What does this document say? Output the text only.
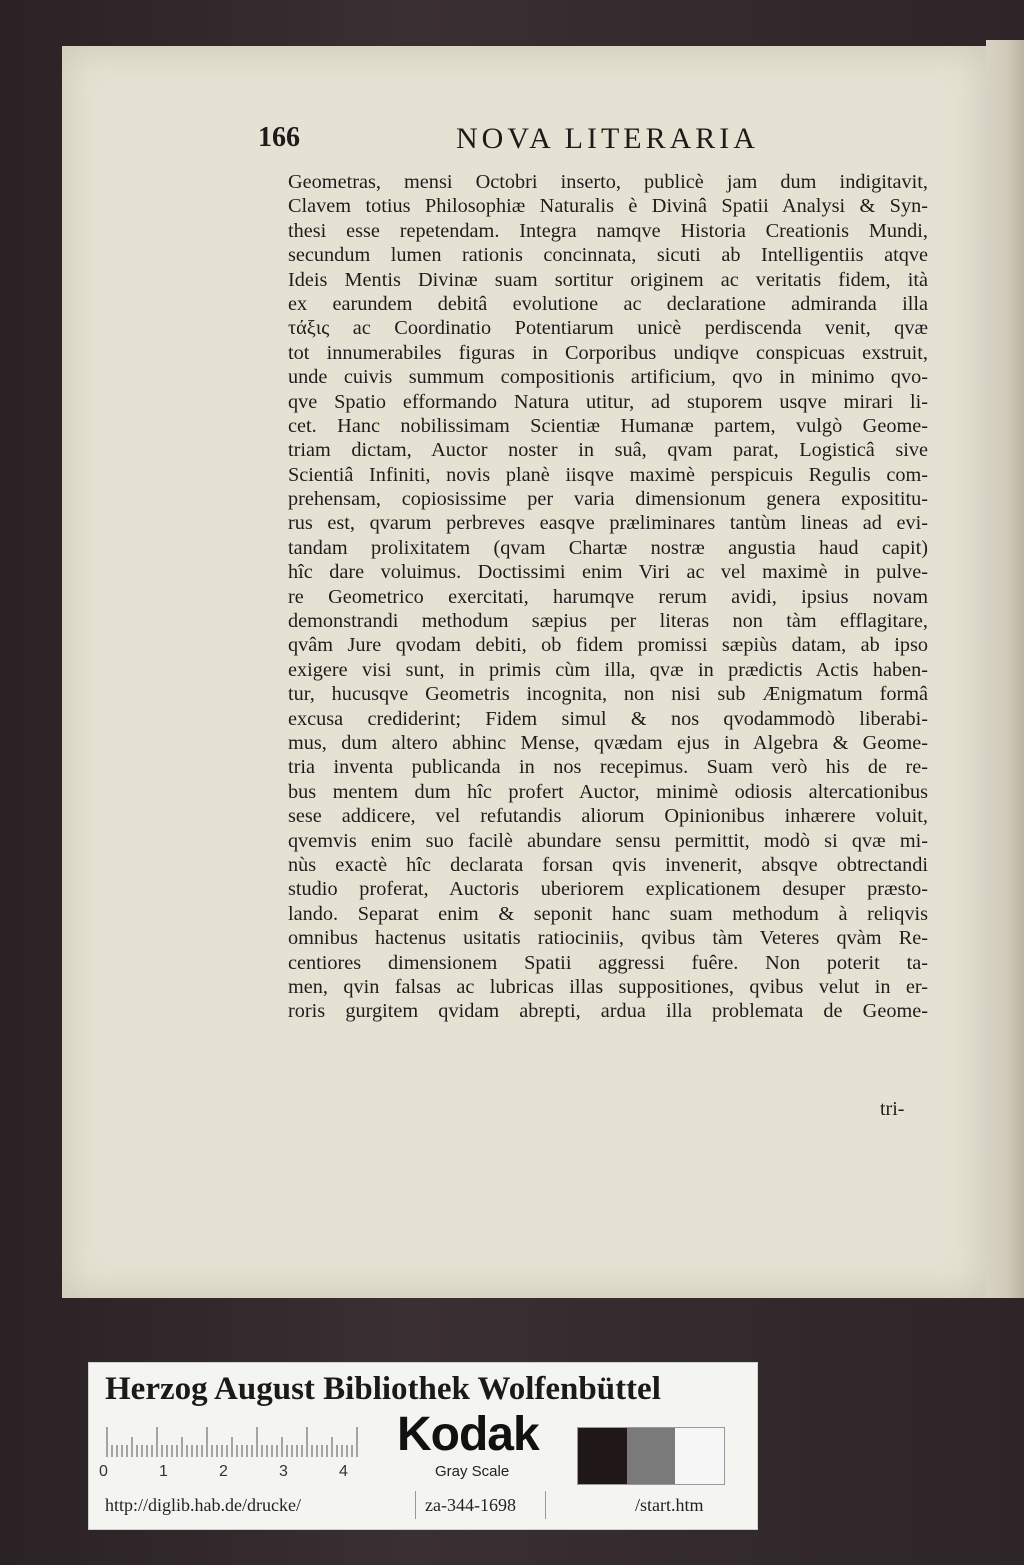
166	NOVA LITERARIA
Geometras, mensi Octobri inserto, publicè jam dum indigitavit,
Clavem totius Philosophiæ Naturalis è Divinâ Spatii Analysi & Syn-
thesi esse repetendam. Integra namqve Historia Creationis Mundi,
secundum lumen rationis concinnata, sicuti ab Intelligentiis atqve
Ideis Mentis Divinæ suam sortitur originem ac veritatis fidem, ità
ex earundem debitâ evolutione ac declaratione admiranda illa
τάξις ac Coordinatio Potentiarum unicè perdiscenda venit, qvæ
tot innumerabiles figuras in Corporibus undiqve conspicuas exstruit,
unde cuivis summum compositionis artificium, qvo in minimo qvo-
qve Spatio efformando Natura utitur, ad stuporem usqve mirari li-
cet. Hanc nobilissimam Scientiæ Humanæ partem, vulgò Geome-
triam dictam, Auctor noster in suâ, qvam parat, Logisticâ sive
Scientiâ Infiniti, novis planè iisqve maximè perspicuis Regulis com-
prehensam, copiosissime per varia dimensionum genera exposititu-
rus est, qvarum perbreves easqve præliminares tantùm lineas ad evi-
tandam prolixitatem (qvam Chartæ nostræ angustia haud capit)
hîc dare voluimus. Doctissimi enim Viri ac vel maximè in pulve-
re Geometrico exercitati, harumqve rerum avidi, ipsius novam
demonstrandi methodum sæpius per literas non tàm efflagitare,
qvâm Jure qvodam debiti, ob fidem promissi sæpiùs datam, ab ipso
exigere visi sunt, in primis cùm illa, qvæ in prædictis Actis haben-
tur, hucusqve Geometris incognita, non nisi sub Ænigmatum formâ
excusa crediderint; Fidem simul & nos qvodammodò liberabi-
mus, dum altero abhinc Mense, qvædam ejus in Algebra & Geome-
tria inventa publicanda in nos recepimus. Suam verò his de re-
bus mentem dum hîc profert Auctor, minimè odiosis altercationibus
sese addicere, vel refutandis aliorum Opinionibus inhærere voluit,
qvemvis enim suo facilè abundare sensu permittit, modò si qvæ mi-
nùs exactè hîc declarata forsan qvis invenerit, absqve obtrectandi
studio proferat, Auctoris uberiorem explicationem desuper præsto-
lando. Separat enim & seponit hanc suam methodum à reliqvis
omnibus hactenus usitatis ratiociniis, qvibus tàm Veteres qvàm Re-
centiores dimensionem Spatii aggressi fuêre. Non poterit ta-
men, qvin falsas ac lubricas illas suppositiones, qvibus velut in er-
roris gurgitem qvidam abrepti, ardua illa problemata de Geome-
tri-
Herzog August Bibliothek Wolfenbüttel
0	1	2	3	4
Kodak
Gray Scale
http://diglib.hab.de/drucke/	za-344-1698	/start.htm
